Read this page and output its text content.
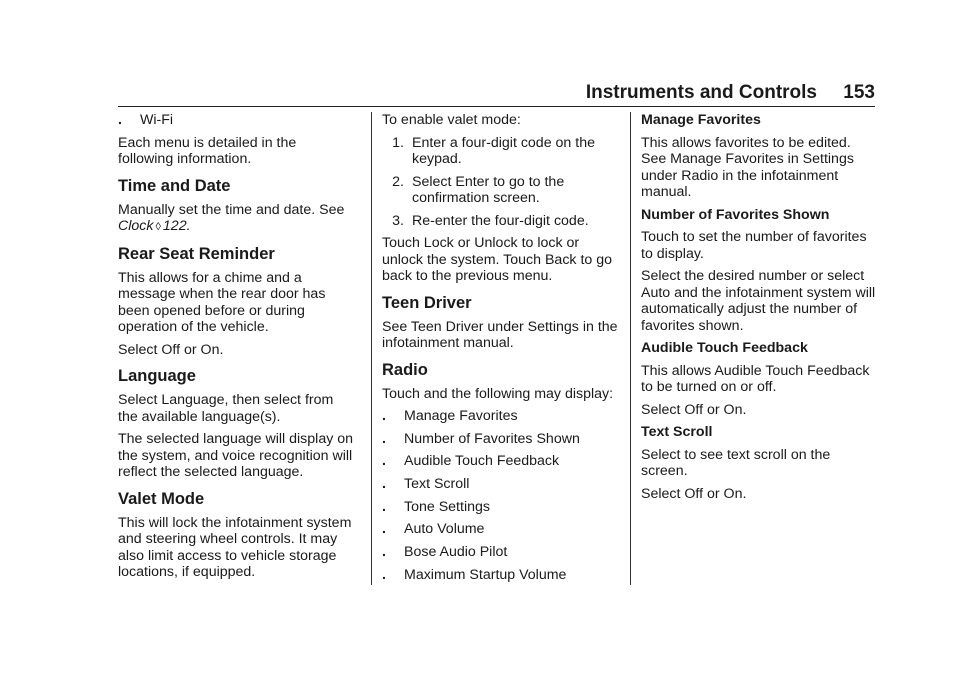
Instruments and Controls 153
.	Wi-Fi

Each menu is detailed in the following information.

Time and Date

Manually set the time and date. See Clock ◊ 122.

Rear Seat Reminder

This allows for a chime and a message when the rear door has been opened before or during operation of the vehicle.

Select Off or On.

Language

Select Language, then select from the available language(s).

The selected language will display on the system, and voice recognition will reflect the selected language.

Valet Mode

This will lock the infotainment system and steering wheel controls. It may also limit access to vehicle storage locations, if equipped.

To enable valet mode:

1. Enter a four-digit code on the keypad.
2. Select Enter to go to the confirmation screen.
3. Re-enter the four-digit code.

Touch Lock or Unlock to lock or unlock the system. Touch Back to go back to the previous menu.

Teen Driver

See Teen Driver under Settings in the infotainment manual.

Radio

Touch and the following may display:

.	Manage Favorites
.	Number of Favorites Shown
.	Audible Touch Feedback
.	Text Scroll
.	Tone Settings
.	Auto Volume
.	Bose Audio Pilot
.	Maximum Startup Volume

Manage Favorites

This allows favorites to be edited. See Manage Favorites in Settings under Radio in the infotainment manual.

Number of Favorites Shown

Touch to set the number of favorites to display.

Select the desired number or select Auto and the infotainment system will automatically adjust the number of favorites shown.

Audible Touch Feedback

This allows Audible Touch Feedback to be turned on or off.

Select Off or On.

Text Scroll

Select to see text scroll on the screen.

Select Off or On.
